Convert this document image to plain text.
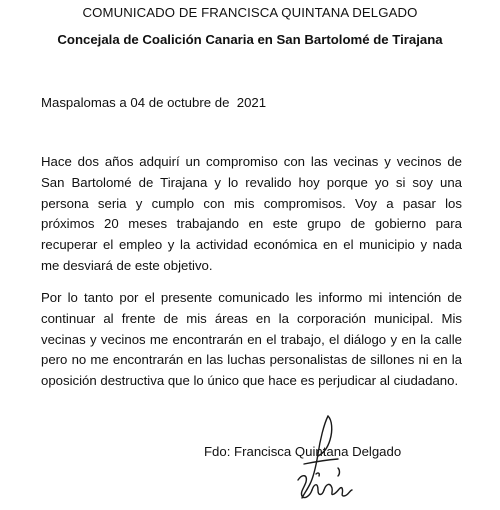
COMUNICADO DE FRANCISCA QUINTANA DELGADO
Concejala de Coalición Canaria en San Bartolomé de Tirajana
Maspalomas a 04 de octubre de  2021

Hace dos años adquirí un compromiso con las vecinas y vecinos de San Bartolomé de Tirajana y lo revalido hoy porque yo si soy una persona seria y cumplo con mis compromisos. Voy a pasar los próximos 20 meses trabajando en este grupo de gobierno para recuperar el empleo y la actividad económica en el municipio y nada me desviará de este objetivo.

Por lo tanto por el presente comunicado les informo mi intención de continuar al frente de mis áreas en la corporación municipal. Mis vecinas y vecinos me encontrarán en el trabajo, el diálogo y en la calle pero no me encontrarán en las luchas personalistas de sillones ni en la oposición destructiva que lo único que hace es perjudicar al ciudadano.

Fdo: Francisca Quintana Delgado
